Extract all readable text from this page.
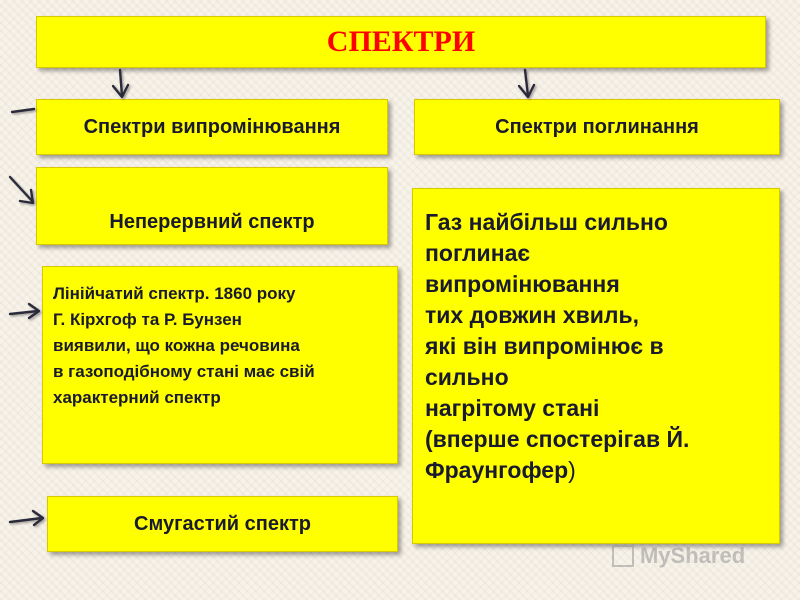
СПЕКТРИ
Спектри випромінювання	Спектри поглинання
Неперервний спектр
Лінійчатий спектр. 1860 року
Г. Кірхгоф та Р. Бунзен
виявили, що кожна речовина
в газоподібному стані має свій
характерний спектр
Смугастий спектр
Газ найбільш сильно
поглинає
випромінювання
тих довжин хвиль,
які він випромінює в
сильно
нагрітому стані
(вперше спостерігав Й.
Фраунгофер)
MyShared
